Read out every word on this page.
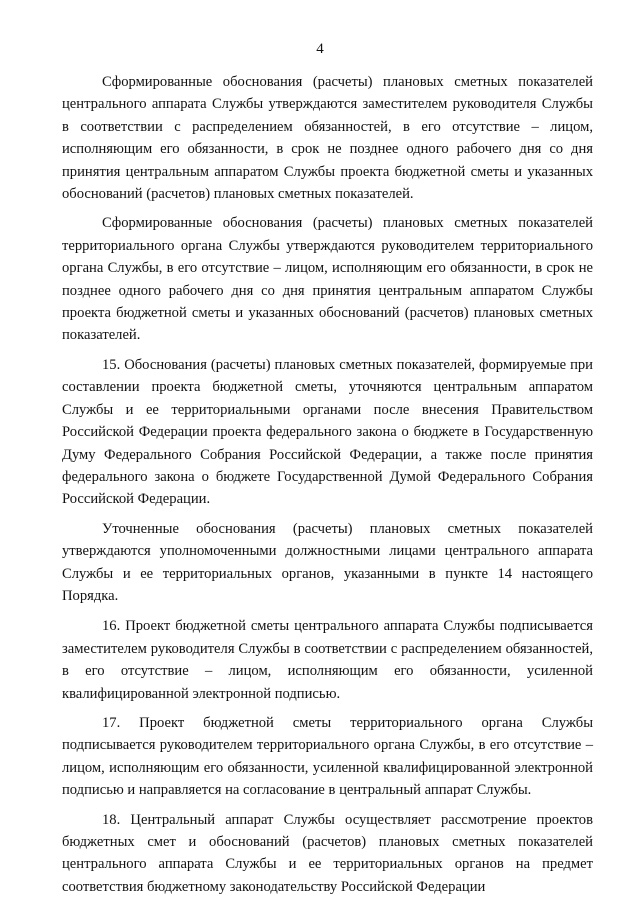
4

Сформированные обоснования (расчеты) плановых сметных показателей центрального аппарата Службы утверждаются заместителем руководителя Службы в соответствии с распределением обязанностей, в его отсутствие – лицом, исполняющим его обязанности, в срок не позднее одного рабочего дня со дня принятия центральным аппаратом Службы проекта бюджетной сметы и указанных обоснований (расчетов) плановых сметных показателей.

Сформированные обоснования (расчеты) плановых сметных показателей территориального органа Службы утверждаются руководителем территориального органа Службы, в его отсутствие – лицом, исполняющим его обязанности, в срок не позднее одного рабочего дня со дня принятия центральным аппаратом Службы проекта бюджетной сметы и указанных обоснований (расчетов) плановых сметных показателей.

15. Обоснования (расчеты) плановых сметных показателей, формируемые при составлении проекта бюджетной сметы, уточняются центральным аппаратом Службы и ее территориальными органами после внесения Правительством Российской Федерации проекта федерального закона о бюджете в Государственную Думу Федерального Собрания Российской Федерации, а также после принятия федерального закона о бюджете Государственной Думой Федерального Собрания Российской Федерации.

Уточненные обоснования (расчеты) плановых сметных показателей утверждаются уполномоченными должностными лицами центрального аппарата Службы и ее территориальных органов, указанными в пункте 14 настоящего Порядка.

16. Проект бюджетной сметы центрального аппарата Службы подписывается заместителем руководителя Службы в соответствии с распределением обязанностей, в его отсутствие – лицом, исполняющим его обязанности, усиленной квалифицированной электронной подписью.

17. Проект бюджетной сметы территориального органа Службы подписывается руководителем территориального органа Службы, в его отсутствие – лицом, исполняющим его обязанности, усиленной квалифицированной электронной подписью и направляется на согласование в центральный аппарат Службы.

18. Центральный аппарат Службы осуществляет рассмотрение проектов бюджетных смет и обоснований (расчетов) плановых сметных показателей центрального аппарата Службы и ее территориальных органов на предмет соответствия бюджетному законодательству Российской Федерации
